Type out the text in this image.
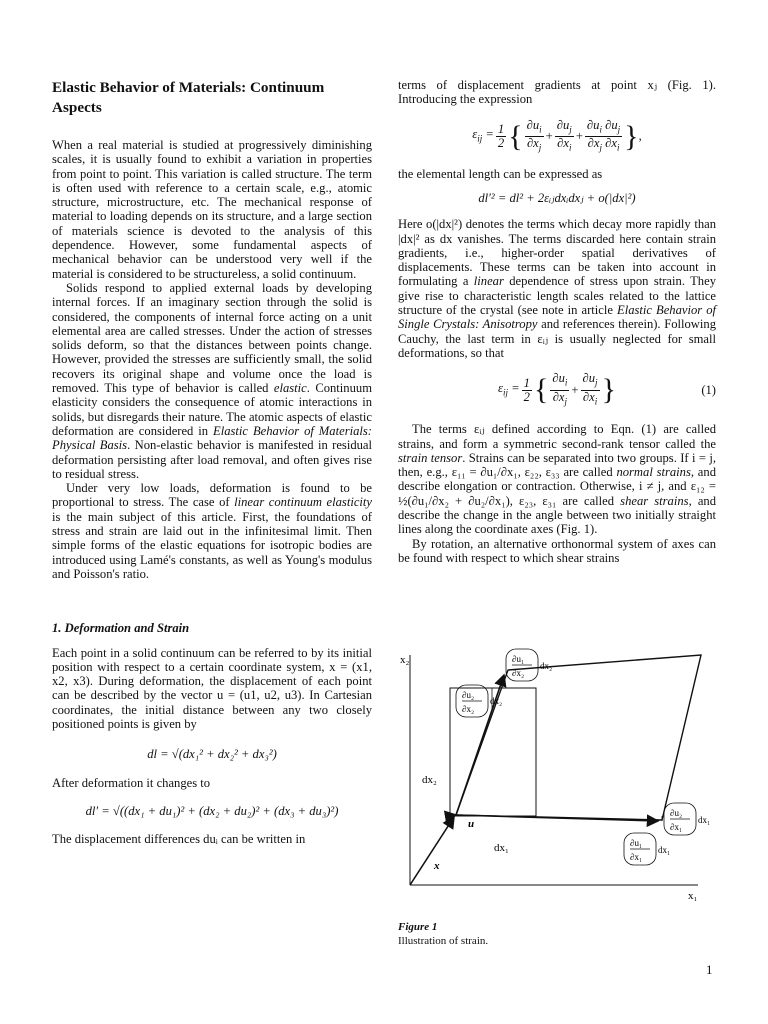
Elastic Behavior of Materials: Continuum Aspects

When a real material is studied at progressively diminishing scales, it is usually found to exhibit a variation in properties from point to point. This variation is called structure. The term is often used with reference to a certain scale, e.g., atomic structure, microstructure, etc. The mechanical response of material to loading depends on its structure, and a large section of materials science is devoted to the analysis of this dependence. However, some fundamental aspects of mechanical behavior can be understood very well if the material is considered to be structureless, a solid continuum.

Solids respond to applied external loads by developing internal forces. If an imaginary section through the solid is considered, the components of internal force acting on a unit elemental area are called stresses. Under the action of stresses solids deform, so that the distances between points change. However, provided the stresses are sufficiently small, the solid recovers its original shape and volume once the load is removed. This type of behavior is called elastic. Continuum elasticity considers the consequence of atomic interactions in solids, but disregards their nature. The atomic aspects of elastic deformation are considered in Elastic Behavior of Materials: Physical Basis. Non-elastic behavior is manifested in residual deformation persisting after load removal, and often gives rise to residual stress.

Under very low loads, deformation is found to be proportional to stress. The case of linear continuum elasticity is the main subject of this article. First, the foundations of stress and strain are laid out in the infinitesimal limit. Then simple forms of the elastic equations for isotropic bodies are introduced using Lamé's constants, as well as Young's modulus and Poisson's ratio.

1. Deformation and Strain

Each point in a solid continuum can be referred to by its initial position with respect to a certain coordinate system, x = (x1, x2, x3). During deformation, the displacement of each point can be described by the vector u = (u1, u2, u3). In Cartesian coordinates, the initial distance between any two closely positioned points is given by

dl = √(dx₁² + dx₂² + dx₃²)

After deformation it changes to

dl′ = √((dx₁ + du₁)² + (dx₂ + du₂)² + (dx₃ + du₃)²)

The displacement differences duᵢ can be written in

terms of displacement gradients at point xⱼ (Fig. 1). Introducing the expression

$\varepsilon_{ij} = \frac{1}{2}$ { $\frac{\partial u_i}{\partial x_j} + \frac{\partial u_j}{\partial x_i} + \frac{\partial u_i \partial u_j}{\partial x_j \partial x_i}$ } ,

the elemental length can be expressed as

dl′² = dl² + 2εᵢⱼdxᵢdxⱼ + o(|dx|²)

Here o(|dx|²) denotes the terms which decay more rapidly than |dx|² as dx vanishes. The terms discarded here contain strain gradients, i.e., higher-order spatial derivatives of displacements. These terms can be taken into account in formulating a linear dependence of stress upon strain. They give rise to characteristic length scales related to the lattice structure of the crystal (see note in article Elastic Behavior of Single Crystals: Anisotropy and references therein). Following Cauchy, the last term in εᵢⱼ is usually neglected for small deformations, so that

$\varepsilon_{ij} = \frac{1}{2}$ { $\frac{\partial u_i}{\partial x_j} + \frac{\partial u_j}{\partial x_i}$ }	(1)

The terms εᵢⱼ defined according to Eqn. (1) are called strains, and form a symmetric second-rank tensor called the strain tensor. Strains can be separated into two groups. If i = j, then, e.g., ε₁₁ = ∂u₁/∂x₁, ε₂₂, ε₃₃ are called normal strains, and describe elongation or contraction. Otherwise, i ≠ j, and ε₁₂ = ½(∂u₁/∂x₂ + ∂u₂/∂x₁), ε₂₃, ε₃₁ are called shear strains, and describe the change in the angle between two initially straight lines along the coordinate axes (Fig. 1).

By rotation, an alternative orthonormal system of axes can be found with respect to which shear strains

x₂
x₁
dx₂
dx₁
u
x
∂u₁
∂x₂
dx₂
∂u₂
∂x₂
dx₂
∂u₂
∂x₁
dx₁
∂u₁
∂x₁
dx₁
Figure 1
Illustration of strain.
1
